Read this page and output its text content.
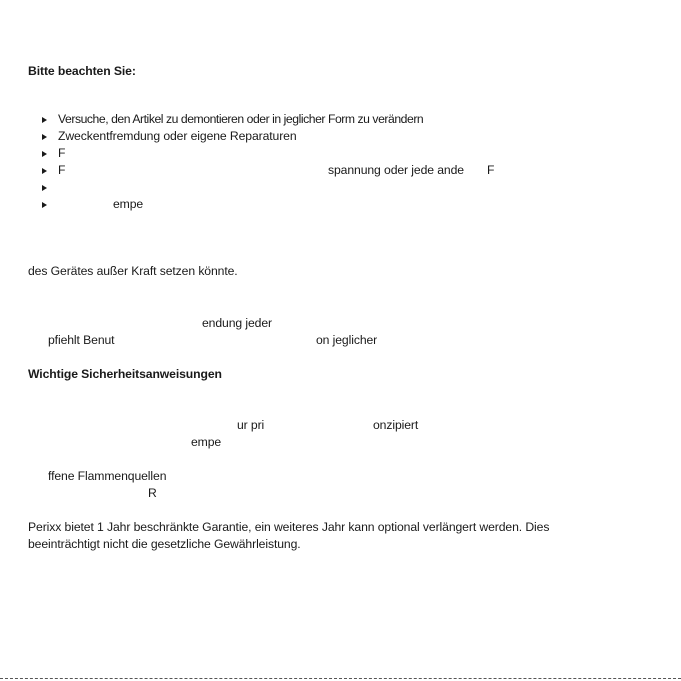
Bitte beachten Sie:
Versuche, den Artikel zu demontieren oder in jeglicher Form zu verändern
Zweckentfremdung oder eigene Reparaturen
F
F	spannung oder jede ande F
empe
des Gerätes außer Kraft setzen könnte.
endung jeder
pfiehlt Benut	on jeglicher
Wichtige Sicherheitsanweisungen
ur pri	onzipiert
empe
ffene Flammenquellen
R
Perixx bietet 1 Jahr beschränkte Garantie, ein weiteres Jahr kann optional verlängert werden. Dies
beeinträchtigt nicht die gesetzliche Gewährleistung.
